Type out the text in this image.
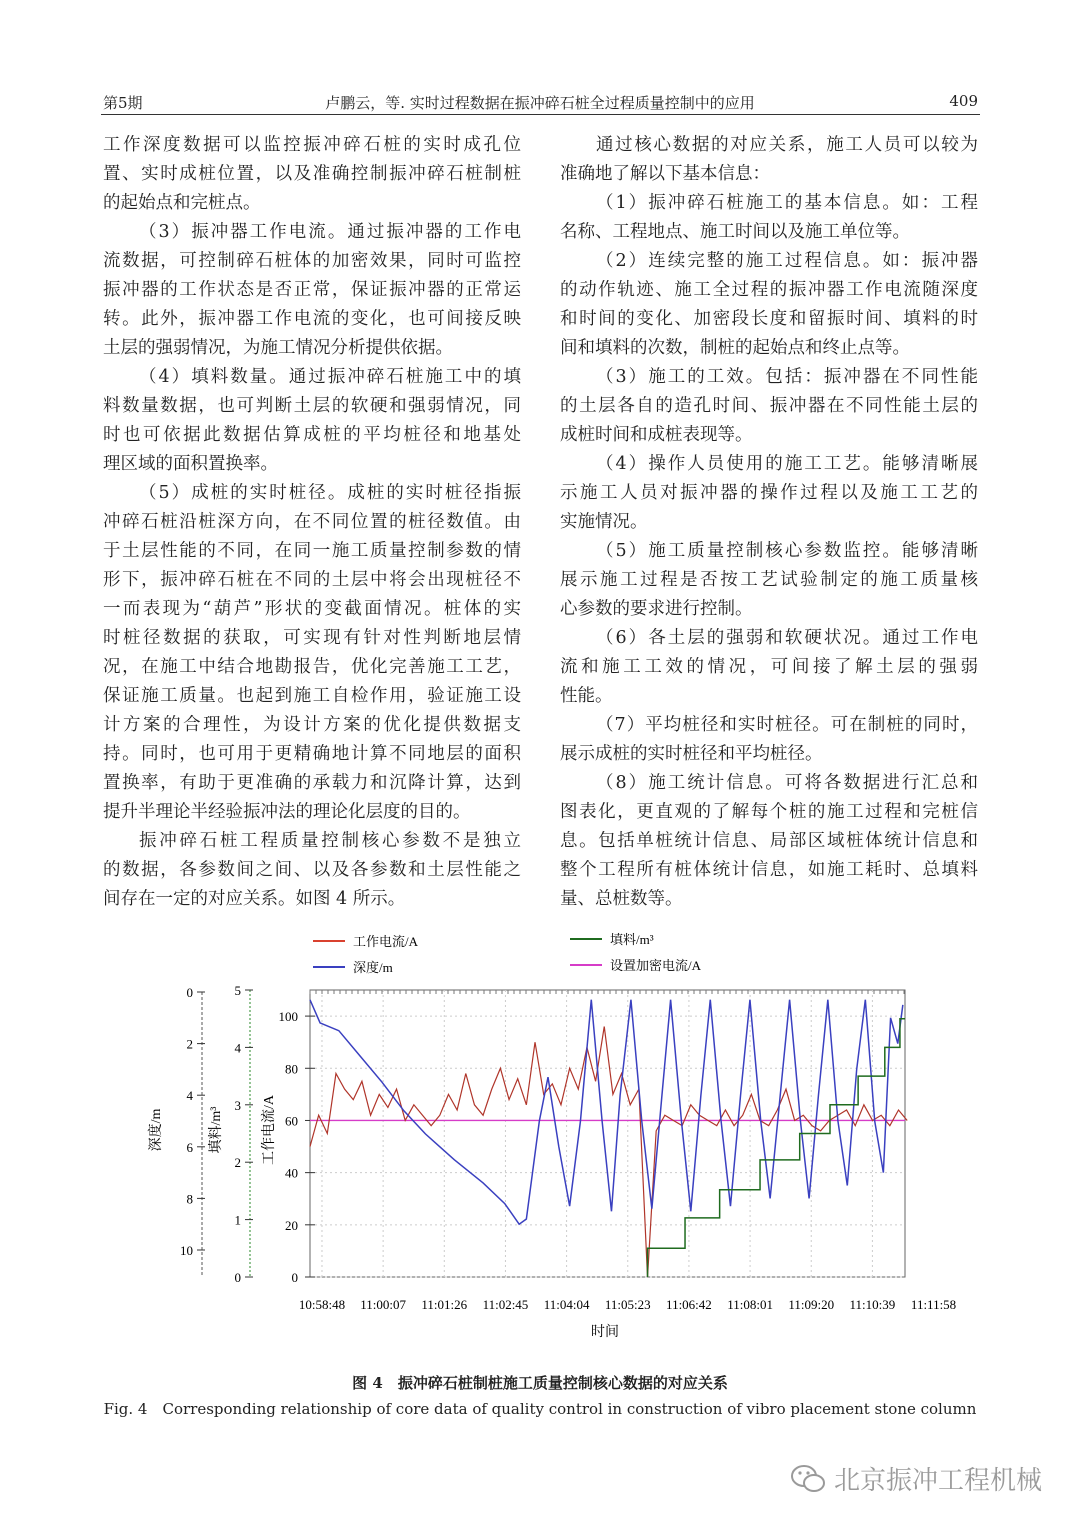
第5期	卢鹏云，等. 实时过程数据在振冲碎石桩全过程质量控制中的应用	409
工作深度数据可以监控振冲碎石桩的实时成孔位
置、实时成桩位置，以及准确控制振冲碎石桩制桩
的起始点和完桩点。
（3）振冲器工作电流。通过振冲器的工作电
流数据，可控制碎石桩体的加密效果，同时可监控
振冲器的工作状态是否正常，保证振冲器的正常运
转。此外，振冲器工作电流的变化，也可间接反映
土层的强弱情况，为施工情况分析提供依据。
（4）填料数量。通过振冲碎石桩施工中的填
料数量数据，也可判断土层的软硬和强弱情况，同
时也可依据此数据估算成桩的平均桩径和地基处
理区域的面积置换率。
（5）成桩的实时桩径。成桩的实时桩径指振
冲碎石桩沿桩深方向，在不同位置的桩径数值。由
于土层性能的不同，在同一施工质量控制参数的情
形下，振冲碎石桩在不同的土层中将会出现桩径不
一而表现为“葫芦”形状的变截面情况。桩体的实
时桩径数据的获取，可实现有针对性判断地层情
况，在施工中结合地勘报告，优化完善施工工艺，
保证施工质量。也起到施工自检作用，验证施工设
计方案的合理性，为设计方案的优化提供数据支
持。同时，也可用于更精确地计算不同地层的面积
置换率，有助于更准确的承载力和沉降计算，达到
提升半理论半经验振冲法的理论化层度的目的。
振冲碎石桩工程质量控制核心参数不是独立
的数据，各参数间之间、以及各参数和土层性能之
间存在一定的对应关系。如图 4 所示。
通过核心数据的对应关系，施工人员可以较为
准确地了解以下基本信息：
（1）振冲碎石桩施工的基本信息。如：工程
名称、工程地点、施工时间以及施工单位等。
（2）连续完整的施工过程信息。如：振冲器
的动作轨迹、施工全过程的振冲器工作电流随深度
和时间的变化、加密段长度和留振时间、填料的时
间和填料的次数，制桩的起始点和终止点等。
（3）施工的工效。包括：振冲器在不同性能
的土层各自的造孔时间、振冲器在不同性能土层的
成桩时间和成桩表现等。
（4）操作人员使用的施工工艺。能够清晰展
示施工人员对振冲器的操作过程以及施工工艺的
实施情况。
（5）施工质量控制核心参数监控。能够清晰
展示施工过程是否按工艺试验制定的施工质量核
心参数的要求进行控制。
（6）各土层的强弱和软硬状况。通过工作电
流和施工工效的情况，可间接了解土层的强弱
性能。
（7）平均桩径和实时桩径。可在制桩的同时，
展示成桩的实时桩径和平均桩径。
（8）施工统计信息。可将各数据进行汇总和
图表化，更直观的了解每个桩的施工过程和完桩信
息。包括单桩统计信息、局部区域桩体统计信息和
整个工程所有桩体统计信息，如施工耗时、总填料
量、总桩数等。
0
20
40
60
80
100
0
1
2
3
4
5
0
2
4
6
8
10
深度/m	填料/m³	工作电流/A
10:58:48 11:00:07 11:01:26 11:02:45 11:04:04 11:05:23 11:06:42 11:08:01 11:09:20 11:10:39 11:11:58
时间
工作电流/A
深度/m
填料/m³
设置加密电流/A
图 4　振冲碎石桩制桩施工质量控制核心数据的对应关系
Fig. 4　Corresponding relationship of core data of quality control in construction of vibro placement stone column
北京振冲工程机械
